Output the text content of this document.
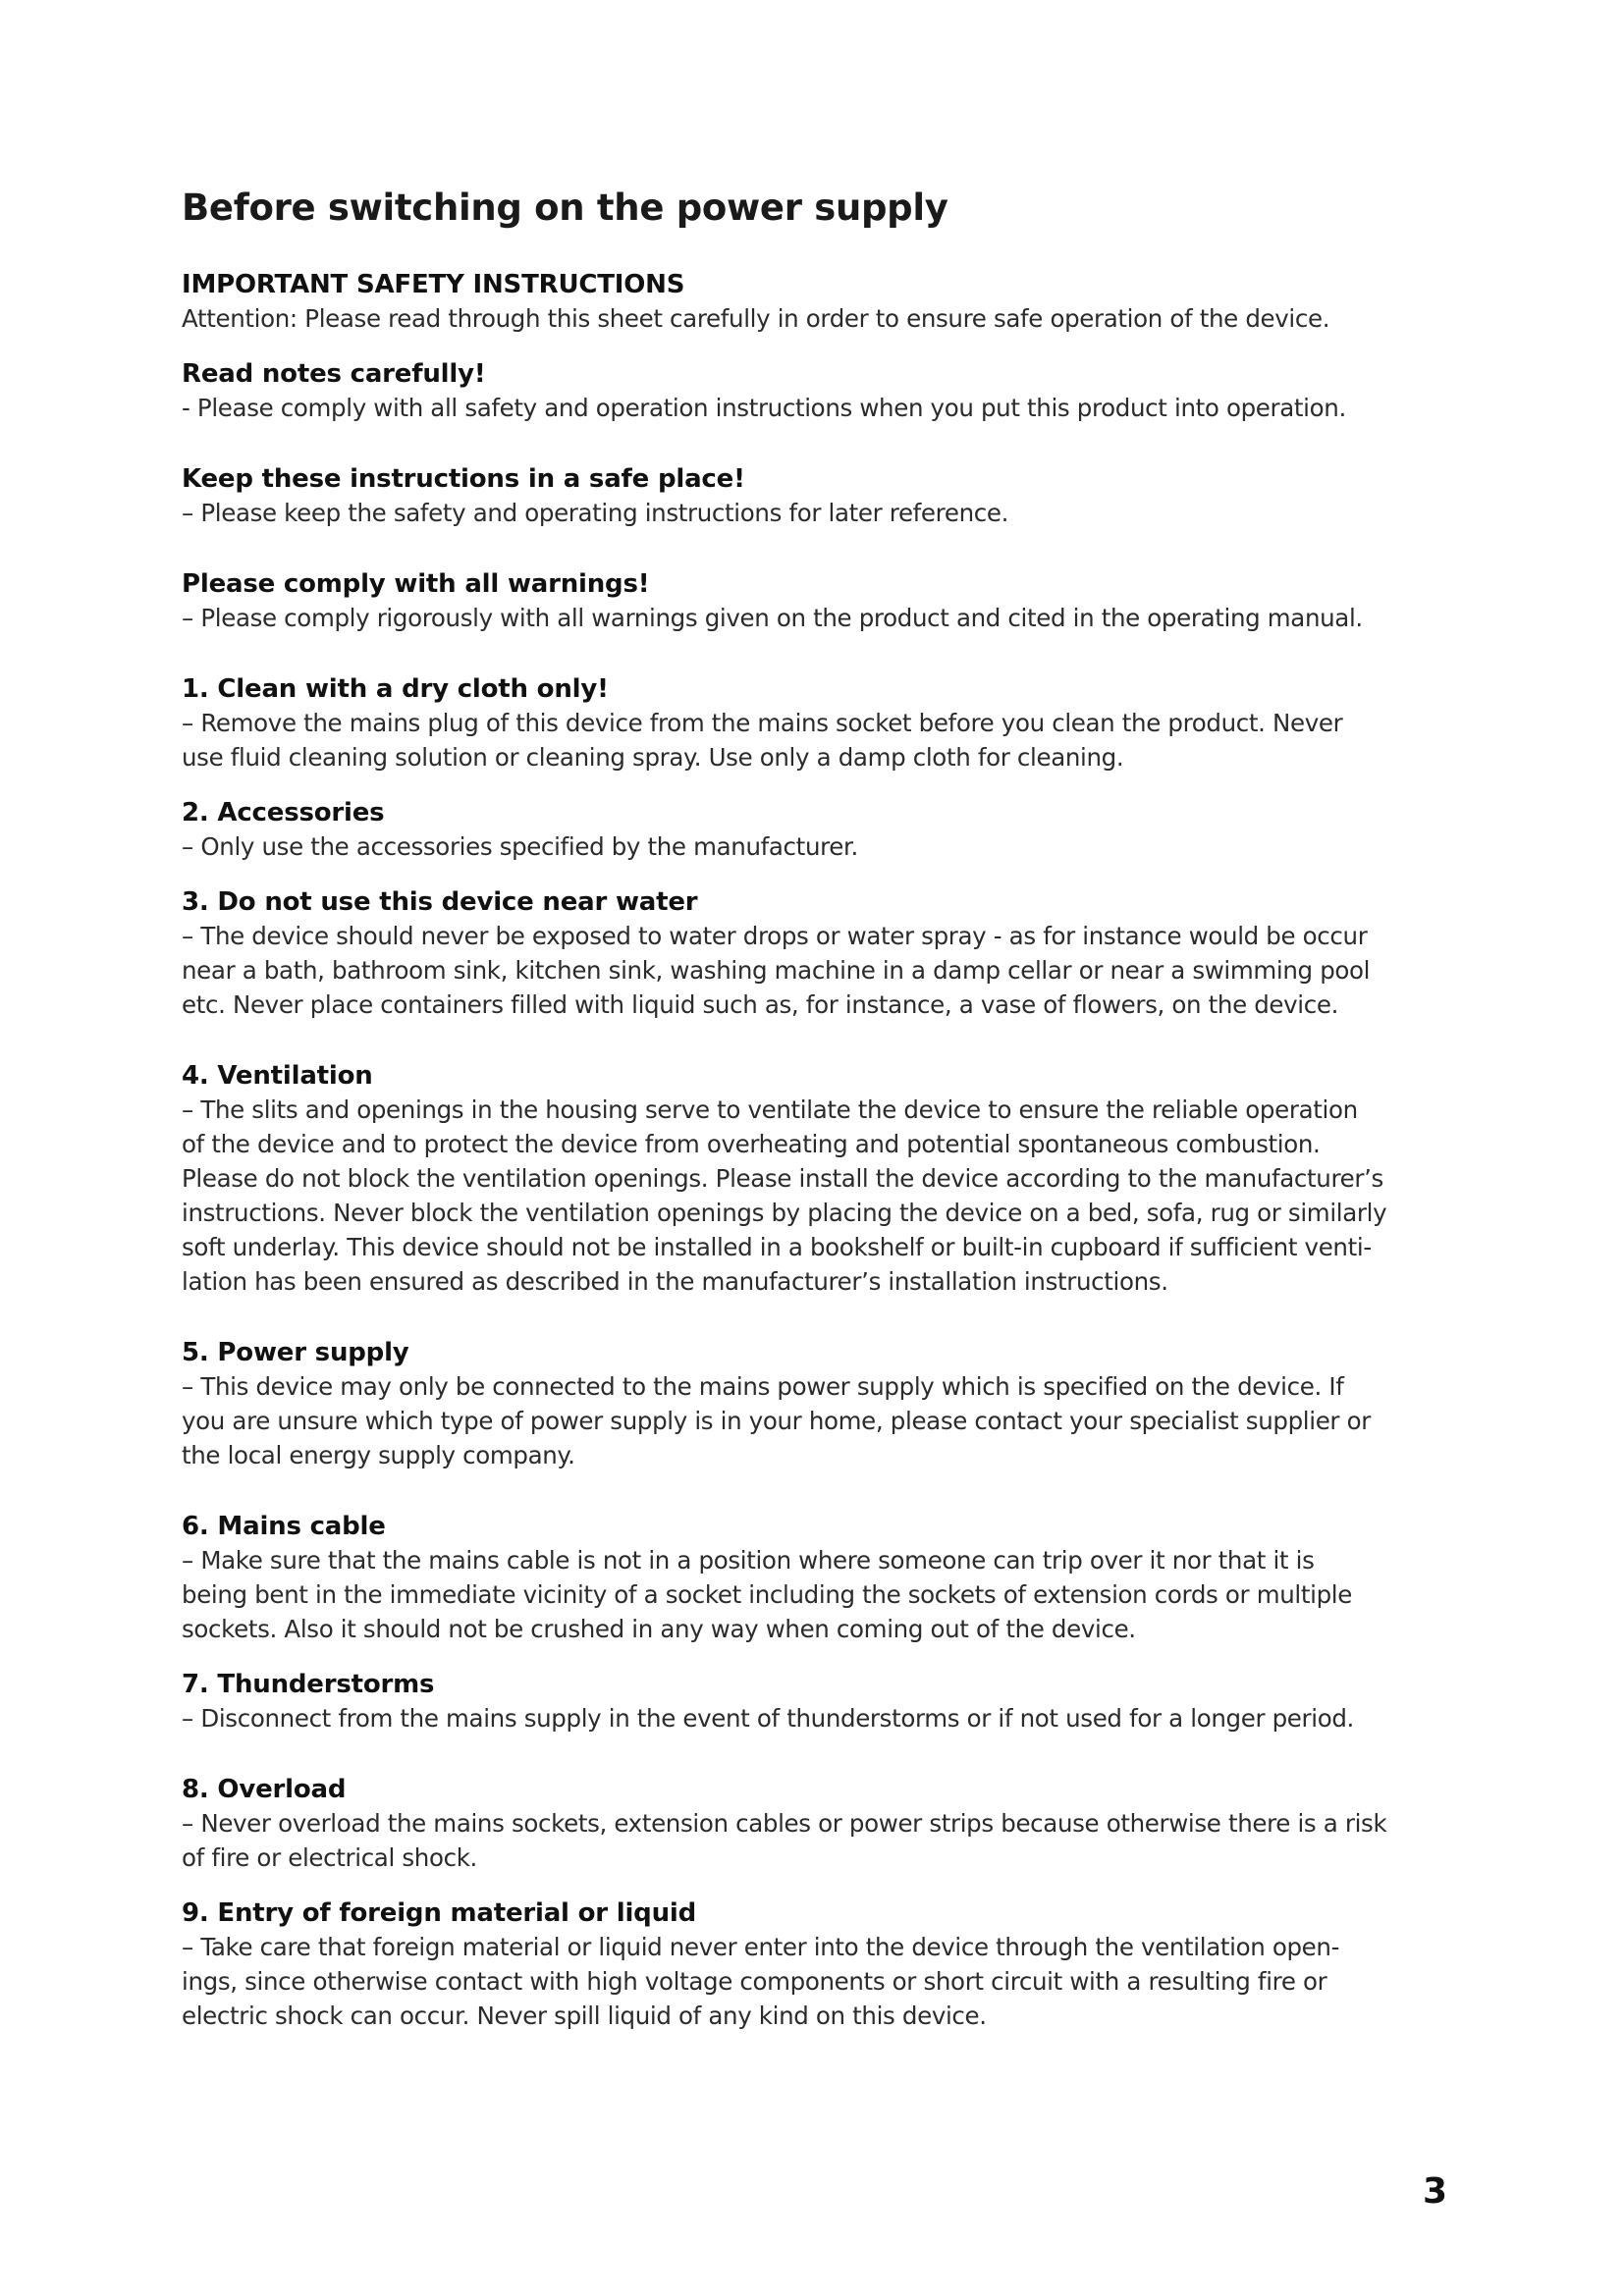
Before switching on the power supply
IMPORTANT SAFETY INSTRUCTIONS
Attention: Please read through this sheet carefully in order to ensure safe operation of the device.
Read notes carefully!
- Please comply with all safety and operation instructions when you put this product into operation.
Keep these instructions in a safe place!
– Please keep the safety and operating instructions for later reference.
Please comply with all warnings!
– Please comply rigorously with all warnings given on the product and cited in the operating manual.
1. Clean with a dry cloth only!
– Remove the mains plug of this device from the mains socket before you clean the product. Never
use fluid cleaning solution or cleaning spray. Use only a damp cloth for cleaning.
2. Accessories
– Only use the accessories specified by the manufacturer.
3. Do not use this device near water
– The device should never be exposed to water drops or water spray - as for instance would be occur
near a bath, bathroom sink, kitchen sink, washing machine in a damp cellar or near a swimming pool
etc. Never place containers filled with liquid such as, for instance, a vase of flowers, on the device.
4. Ventilation
– The slits and openings in the housing serve to ventilate the device to ensure the reliable operation
of the device and to protect the device from overheating and potential spontaneous combustion.
Please do not block the ventilation openings. Please install the device according to the manufacturer’s
instructions. Never block the ventilation openings by placing the device on a bed, sofa, rug or similarly
soft underlay. This device should not be installed in a bookshelf or built-in cupboard if sufficient venti-
lation has been ensured as described in the manufacturer’s installation instructions.
5. Power supply
– This device may only be connected to the mains power supply which is specified on the device. If
you are unsure which type of power supply is in your home, please contact your specialist supplier or
the local energy supply company.
6. Mains cable
– Make sure that the mains cable is not in a position where someone can trip over it nor that it is
being bent in the immediate vicinity of a socket including the sockets of extension cords or multiple
sockets. Also it should not be crushed in any way when coming out of the device.
7. Thunderstorms
– Disconnect from the mains supply in the event of thunderstorms or if not used for a longer period.
8. Overload
– Never overload the mains sockets, extension cables or power strips because otherwise there is a risk
of fire or electrical shock.
9. Entry of foreign material or liquid
– Take care that foreign material or liquid never enter into the device through the ventilation open-
ings, since otherwise contact with high voltage components or short circuit with a resulting fire or
electric shock can occur. Never spill liquid of any kind on this device.
3
